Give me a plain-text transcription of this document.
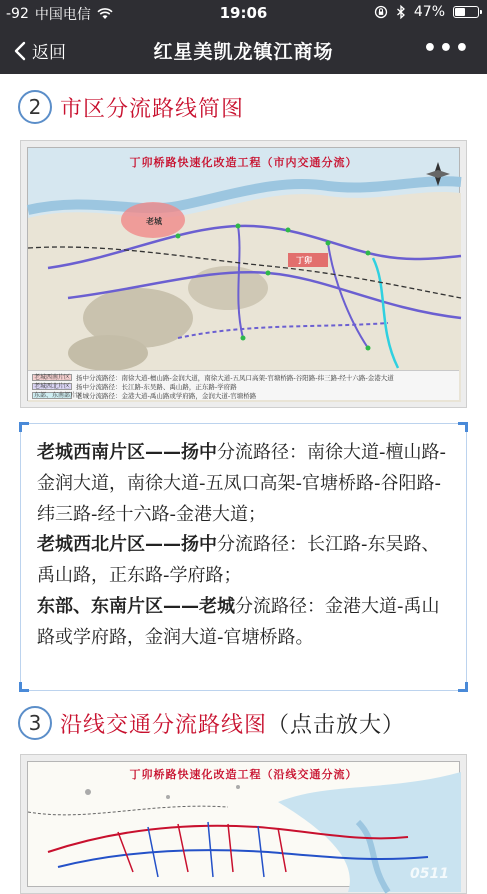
-92 中国电信	19:06	47%
返回	红星美凯龙镇江商场	•••
2 市区分流路线简图
老城
丁卯
丁卯桥路快速化改造工程（市内交通分流）
老城西南片区 扬中分流路径：南徐大道-檀山路-金润大道，南徐大道-五凤口高架-官塘桥路-谷阳路-纬三路-经十六路-金港大道
老城西北片区 扬中分流路径：长江路-东吴路、禹山路，正东路-学府路
东部、东南部片区
老城分流路径：金港大道-禹山路或学府路，金润大道-官塘桥路
老城西南片区——扬中分流路径：南徐大道-檀山路-金润大道，南徐大道-五凤口高架-官塘桥路-谷阳路-纬三路-经十六路-金港大道；
老城西北片区——扬中分流路径：长江路-东吴路、禹山路，正东路-学府路；
东部、东南片区——老城分流路径：金港大道-禹山路或学府路，金润大道-官塘桥路。
3 沿线交通分流路线图（点击放大）
丁卯桥路快速化改造工程（沿线交通分流）
0511
